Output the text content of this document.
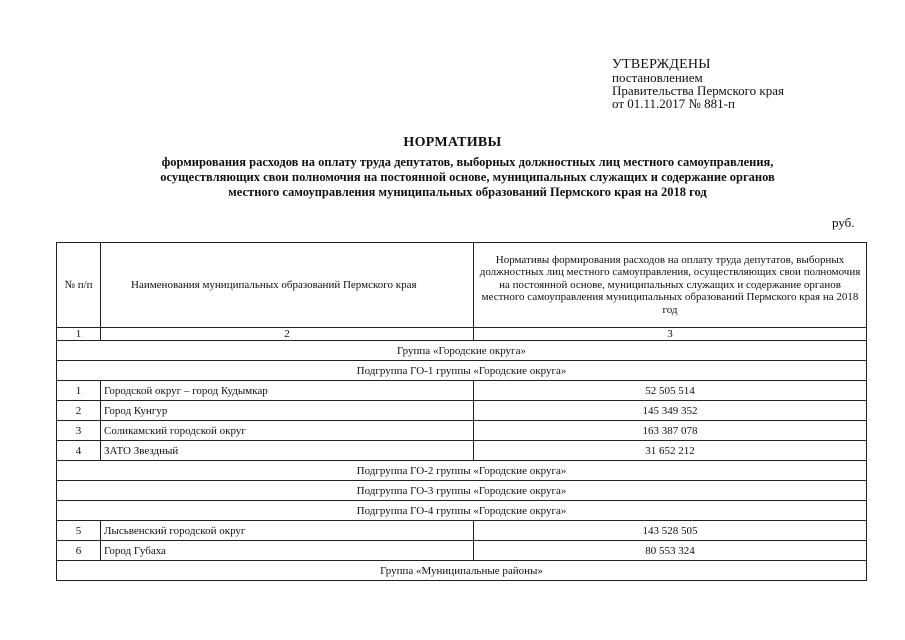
УТВЕРЖДЕНЫ
постановлением
Правительства Пермского края
от 01.11.2017 № 881-п
НОРМАТИВЫ
формирования расходов на оплату труда депутатов, выборных должностных лиц местного самоуправления,
осуществляющих свои полномочия на постоянной основе, муниципальных служащих и содержание органов
местного самоуправления муниципальных образований Пермского края на 2018 год
руб.
№ п/п	Наименования муниципальных образований Пермского края	Нормативы формирования расходов на оплату труда депутатов, выборных должностных лиц местного самоуправления, осуществляющих свои полномочия на постоянной основе, муниципальных служащих и содержание органов местного самоуправления муниципальных образований Пермского края на 2018 год
1	2	3
Группа «Городские округа»		
Подгруппа ГО-1 группы «Городские округа»		
1	Городской округ – город Кудымкар	52 505 514
2	Город Кунгур	145 349 352
3	Соликамский городской округ	163 387 078
4	ЗАТО Звездный	31 652 212
Подгруппа ГО-2 группы «Городские округа»		
Подгруппа ГО-3 группы «Городские округа»		
Подгруппа ГО-4 группы «Городские округа»		
5	Лысьвенский городской округ	143 528 505
6	Город Губаха	80 553 324
Группа «Муниципальные районы»		
